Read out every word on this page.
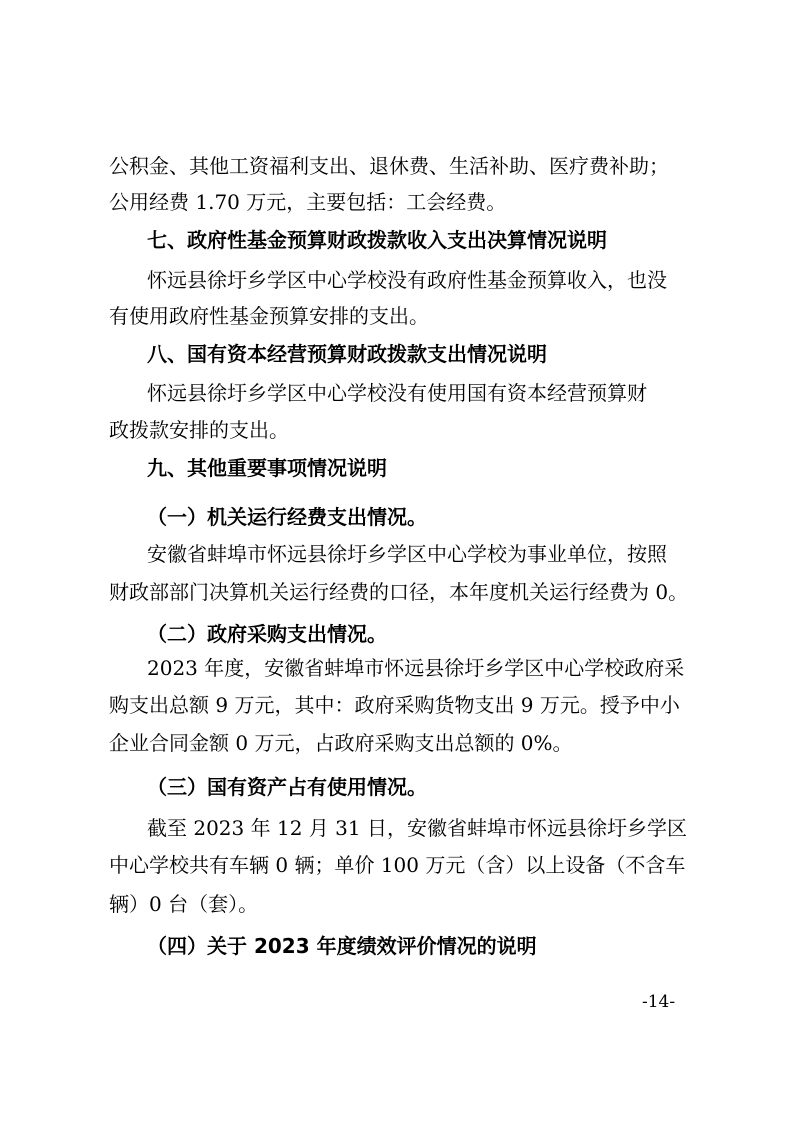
公积金、其他工资福利支出、退休费、生活补助、医疗费补助；
公用经费 1.70 万元，主要包括：工会经费。
七、政府性基金预算财政拨款收入支出决算情况说明
怀远县徐圩乡学区中心学校没有政府性基金预算收入，也没
有使用政府性基金预算安排的支出。
八、国有资本经营预算财政拨款支出情况说明
怀远县徐圩乡学区中心学校没有使用国有资本经营预算财
政拨款安排的支出。
九、其他重要事项情况说明
（一）机关运行经费支出情况。
安徽省蚌埠市怀远县徐圩乡学区中心学校为事业单位，按照
财政部部门决算机关运行经费的口径，本年度机关运行经费为 0。
（二）政府采购支出情况。
2023 年度，安徽省蚌埠市怀远县徐圩乡学区中心学校政府采
购支出总额 9 万元，其中：政府采购货物支出 9 万元。授予中小
企业合同金额 0 万元，占政府采购支出总额的 0%。
（三）国有资产占有使用情况。
截至 2023 年 12 月 31 日，安徽省蚌埠市怀远县徐圩乡学区
中心学校共有车辆 0 辆；单价 100 万元（含）以上设备（不含车
辆）0 台（套）。
（四）关于 2023 年度绩效评价情况的说明
-14-
